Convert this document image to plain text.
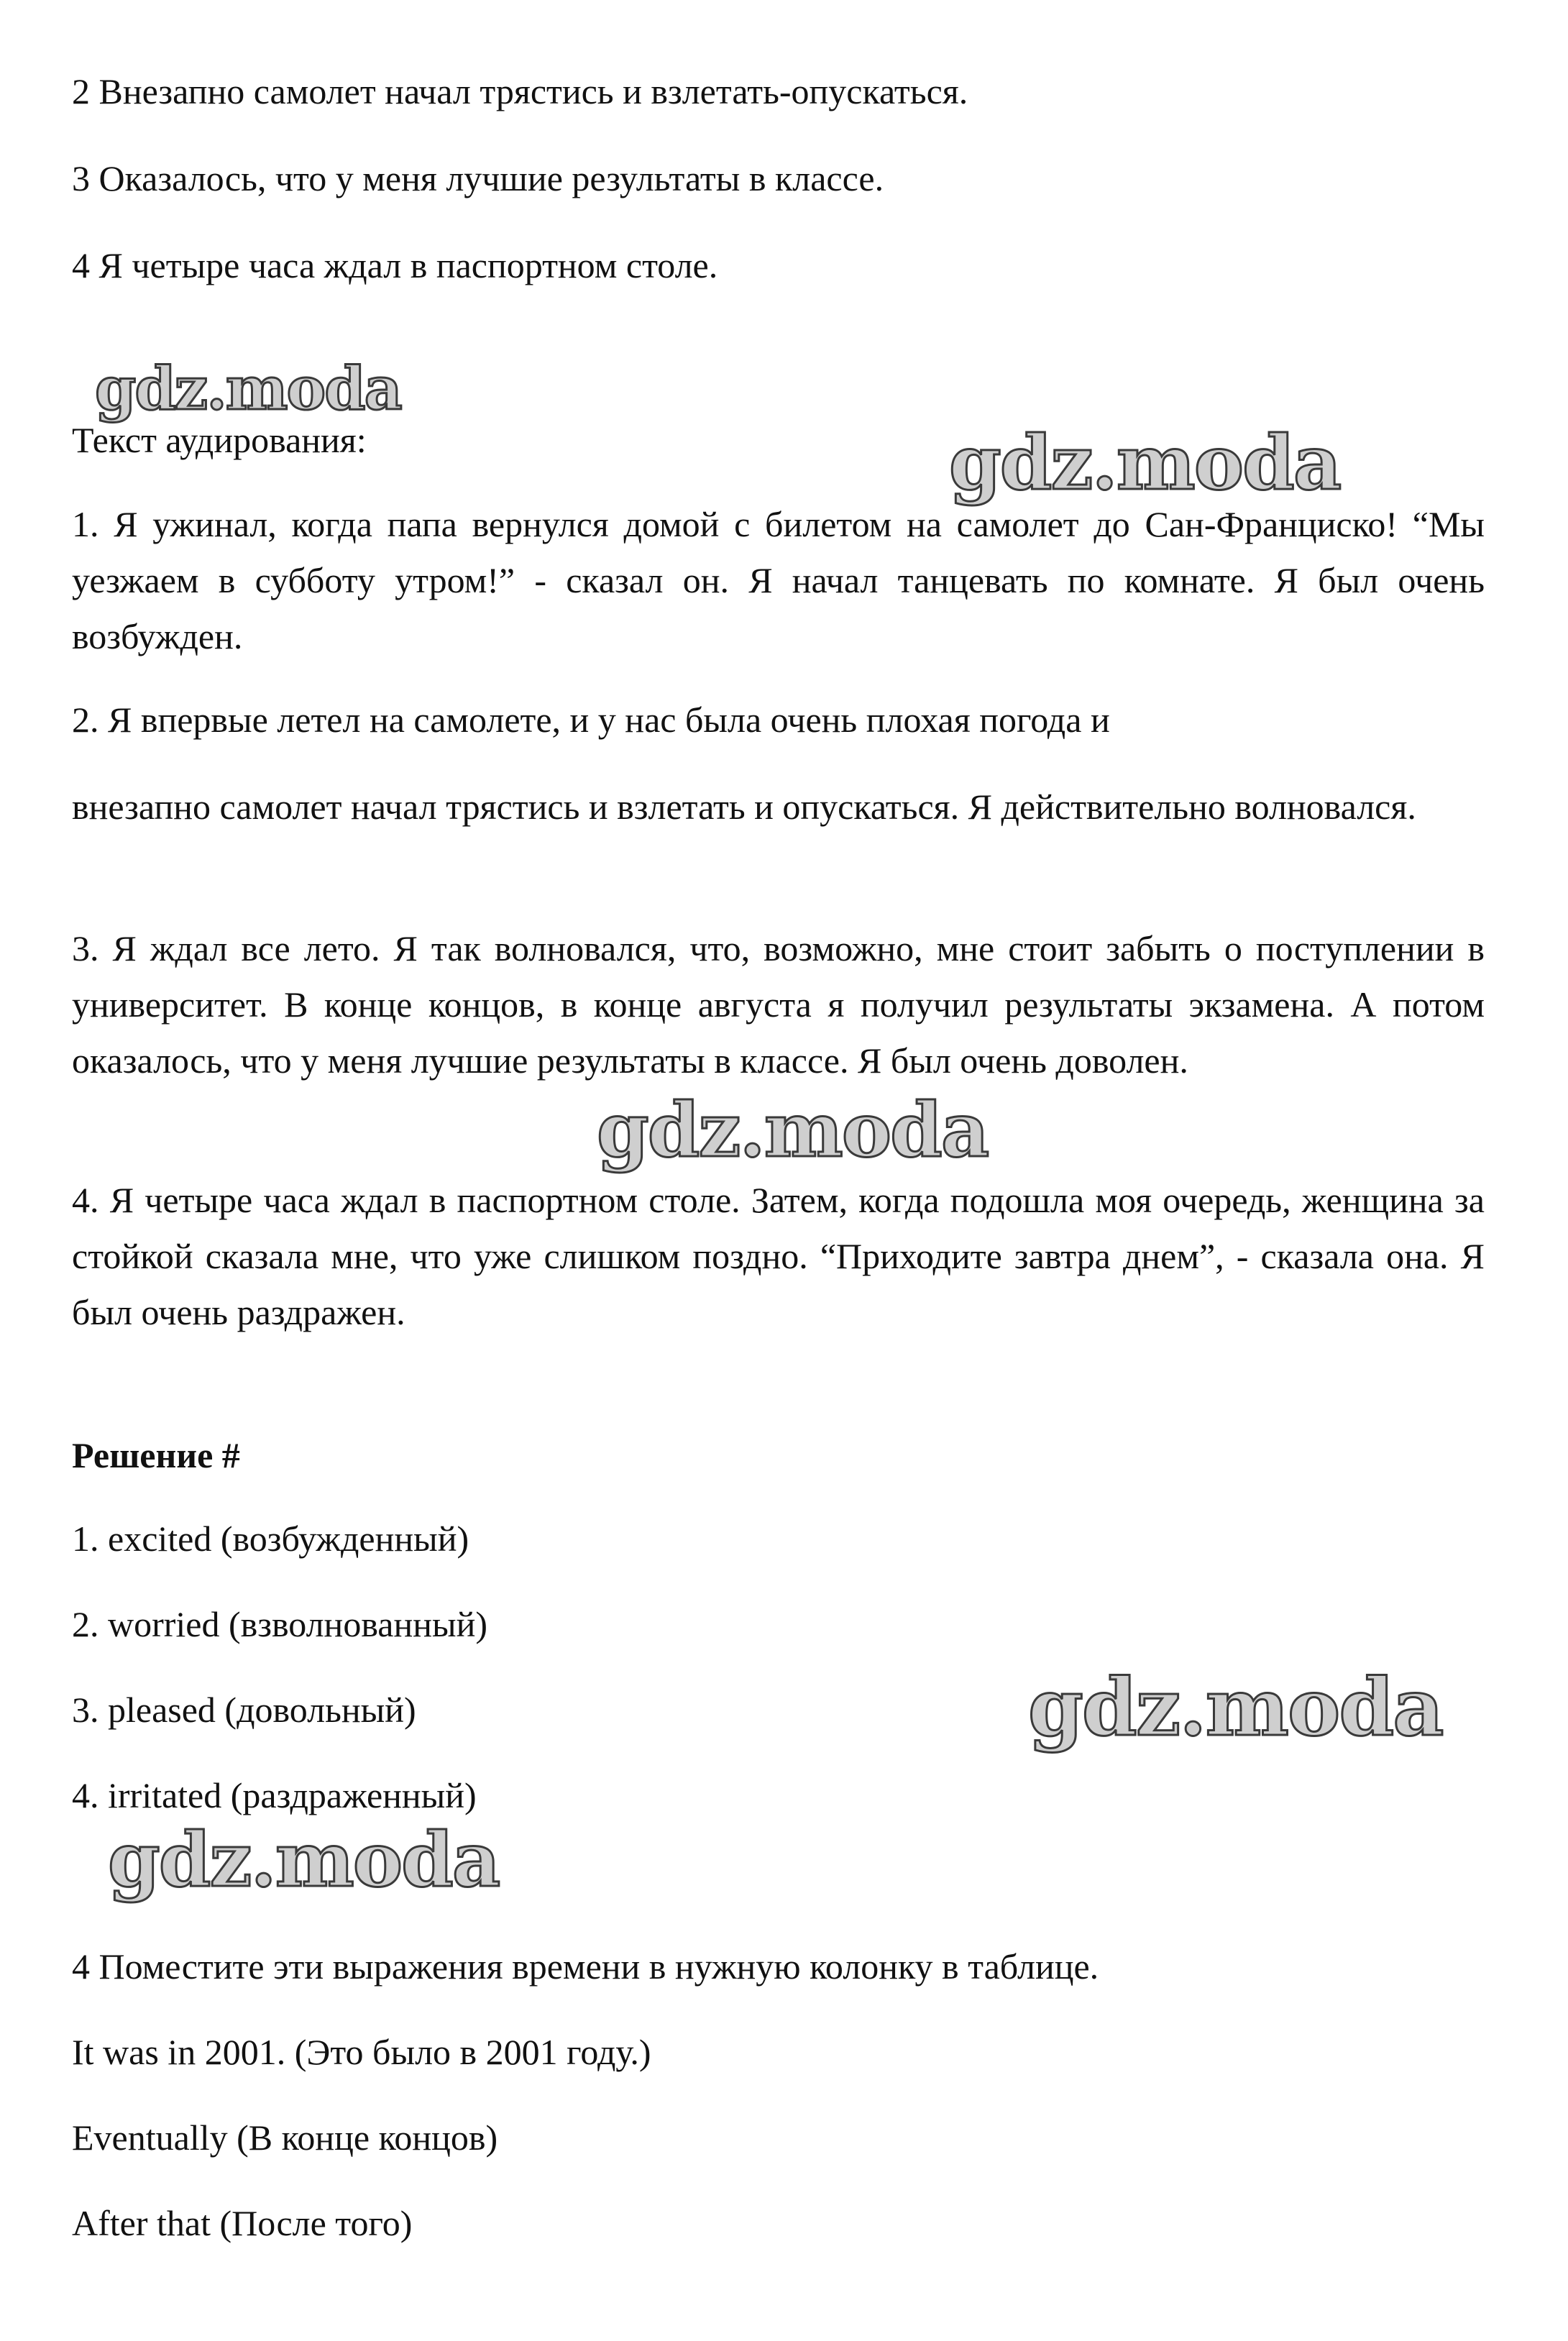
2 Внезапно самолет начал трястись и взлетать-опускаться.
3 Оказалось, что у меня лучшие результаты в классе.
4 Я четыре часа ждал в паспортном столе.
Текст аудирования:
1. Я ужинал, когда папа вернулся домой с билетом на самолет до Сан-Франциско! “Мы уезжаем в субботу утром!” - сказал он. Я начал танцевать по комнате. Я был очень возбужден.
2. Я впервые летел на самолете, и у нас была очень плохая погода и
внезапно самолет начал трястись и взлетать и опускаться. Я действительно волновался.
3. Я ждал все лето. Я так волновался, что, возможно, мне стоит забыть о поступлении в университет. В конце концов, в конце августа я получил результаты экзамена. А потом оказалось, что у меня лучшие результаты в классе. Я был очень доволен.
4. Я четыре часа ждал в паспортном столе. Затем, когда подошла моя очередь, женщина за стойкой сказала мне, что уже слишком поздно. “Приходите завтра днем”, - сказала она. Я был очень раздражен.
Решение #
1. excited (возбужденный)
2. worried (взволнованный)
3. pleased (довольный)
4. irritated (раздраженный)
4 Поместите эти выражения времени в нужную колонку в таблице.
It was in 2001. (Это было в 2001 году.)
Eventually (В конце концов)
After that (После того)
gdz.moda
gdz.moda
gdz.moda
gdz.moda
gdz.moda
